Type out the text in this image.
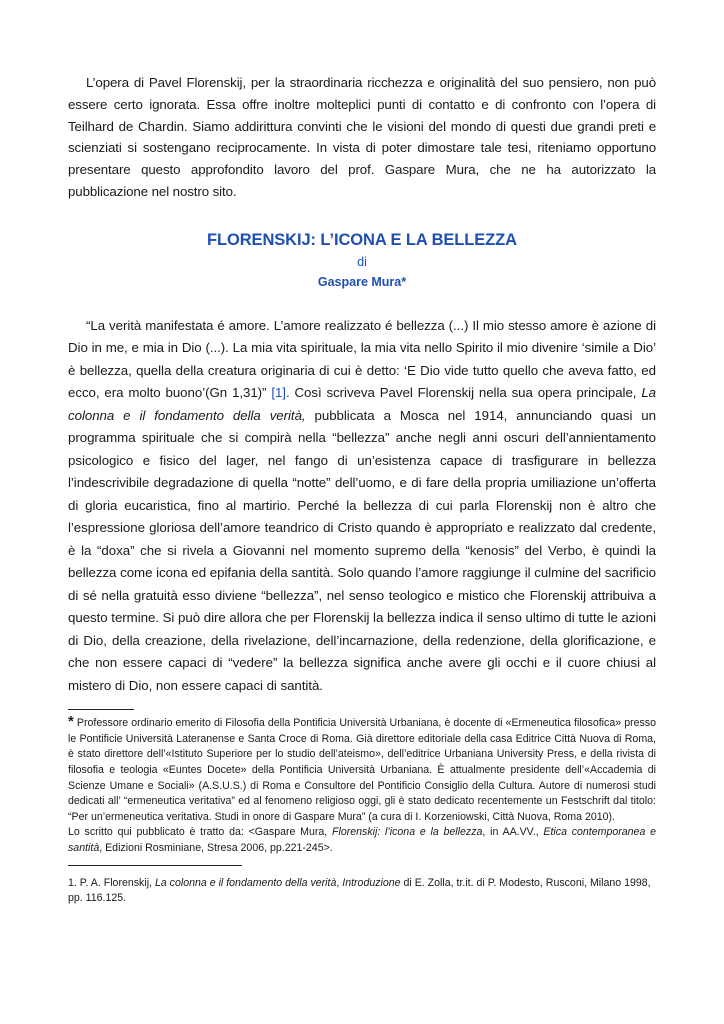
L’opera di Pavel Florenskij, per la straordinaria ricchezza e originalità del suo pensiero, non può essere certo ignorata. Essa offre inoltre molteplici punti di contatto e di confronto con l’opera di Teilhard de Chardin. Siamo addirittura convinti che le visioni del mondo di questi due grandi preti e scienziati si sostengano reciprocamente. In vista di poter dimostare tale tesi, riteniamo opportuno presentare questo approfondito lavoro del prof. Gaspare Mura, che ne ha autorizzato la pubblicazione nel nostro sito.

FLORENSKIJ: L’ICONA E LA BELLEZZA
di
Gaspare Mura*
“La verità manifestata é amore. L’amore realizzato é bellezza (...) Il mio stesso amore è azione di Dio in me, e mia in Dio (...). La mia vita spirituale, la mia vita nello Spirito il mio divenire ‘simile a Dio’ è bellezza, quella della creatura originaria di cui è detto: ‘E Dio vide tutto quello che aveva fatto, ed ecco, era molto buono’(Gn 1,31)” [1]. Così scriveva Pavel Florenskij nella sua opera principale, La colonna e il fondamento della verità, pubblicata a Mosca nel 1914, annunciando quasi un programma spirituale che si compirà nella “bellezza” anche negli anni oscuri dell’annientamento psicologico e fisico del lager, nel fango di un’esistenza capace di trasfigurare in bellezza l’indescrivibile degradazione di quella “notte” dell’uomo, e di fare della propria umiliazione un’offerta di gloria eucaristica, fino al martirio. Perché la bellezza di cui parla Florenskij non è altro che l’espressione gloriosa dell’amore teandrico di Cristo quando è appropriato e realizzato dal credente, è la “doxa” che si rivela a Giovanni nel momento supremo della “kenosis” del Verbo, è quindi la bellezza come icona ed epifania della santità. Solo quando l’amore raggiunge il culmine del sacrificio di sé nella gratuità esso diviene “bellezza”, nel senso teologico e mistico che Florenskij attribuiva a questo termine. Si può dire allora che per Florenskij la bellezza indica il senso ultimo di tutte le azioni di Dio, della creazione, della rivelazione, dell’incarnazione, della redenzione, della glorificazione, e che non essere capaci di “vedere” la bellezza significa anche avere gli occhi e il cuore chiusi al mistero di Dio, non essere capaci di santità.
* Professore ordinario emerito di Filosofia della Pontificia Università Urbaniana, è docente di «Ermeneutica filosofica» presso le Pontificie Università Lateranense e Santa Croce di Roma. Già direttore editoriale della casa Editrice Città Nuova di Roma, è stato direttore dell’«Istituto Superiore per lo studio dell’ateismo», dell’editrice Urbaniana University Press, e della rivista di filosofia e teologia «Euntes Docete» della Pontificia Università Urbaniana. È attualmente presidente dell’«Accademia di Scienze Umane e Sociali» (A.S.U.S.) di Roma e Consultore del Pontificio Consiglio della Cultura. Autore di numerosi studi dedicati all’ “ermeneutica veritativa” ed al fenomeno religioso oggi, gli è stato dedicato recentemente un Festschrift dal titolo: “Per un’ermeneutica veritativa. Studi in onore di Gaspare Mura” (a cura di I. Korzeniowski, Città Nuova, Roma 2010).
Lo scritto qui pubblicato è tratto da: <Gaspare Mura, Florenskij: l’icona e la bellezza, in AA.VV., Etica contemporanea e santità, Edizioni Rosminiane, Stresa 2006, pp.221-245>.
1. P. A. Florenskij, La colonna e il fondamento della verità, Introduzione di E. Zolla, tr.it. di P. Modesto, Rusconi, Milano 1998, pp. 116.125.
